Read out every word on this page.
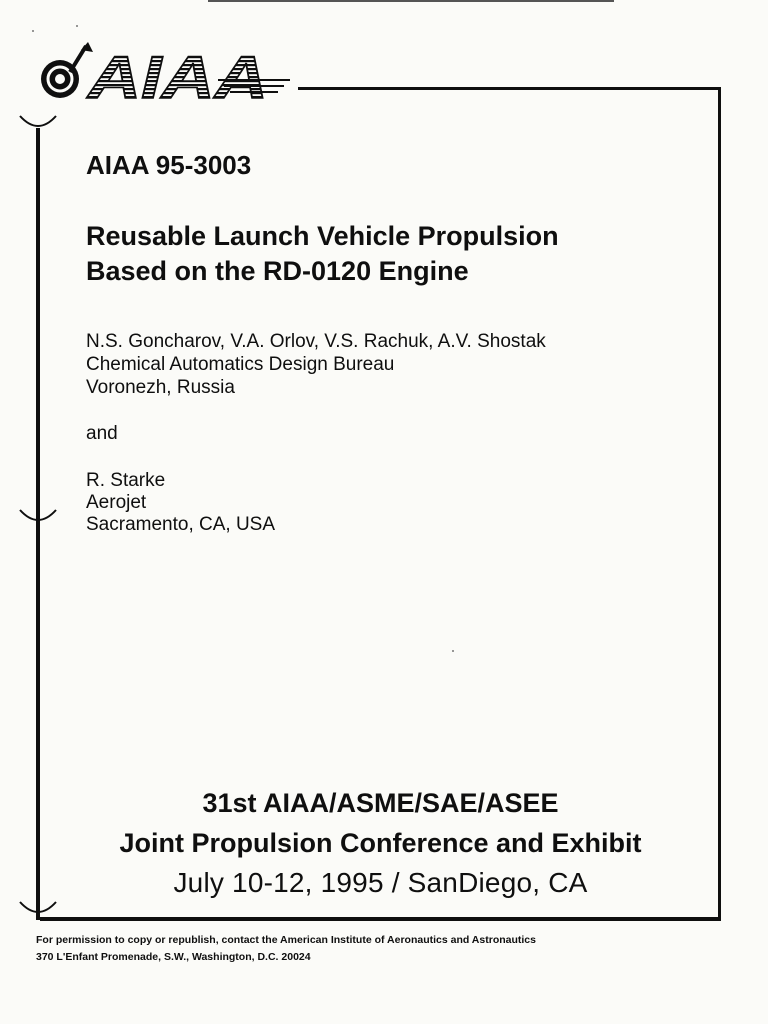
AIAA
AIAA 95-3003
Reusable Launch Vehicle Propulsion
Based on the RD-0120 Engine
N.S. Goncharov, V.A. Orlov, V.S. Rachuk, A.V. Shostak
Chemical Automatics Design Bureau
Voronezh, Russia
and
R. Starke
Aerojet
Sacramento, CA, USA
31st AIAA/ASME/SAE/ASEE
Joint Propulsion Conference and Exhibit
July 10-12, 1995 / SanDiego, CA
For permission to copy or republish, contact the American Institute of Aeronautics and Astronautics
370 L'Enfant Promenade, S.W., Washington, D.C. 20024
